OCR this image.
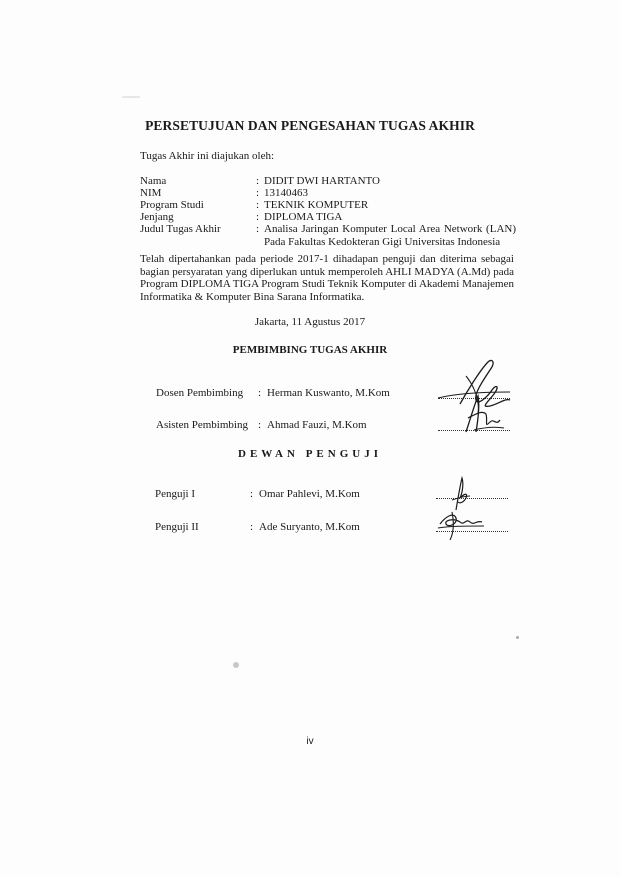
PERSETUJUAN DAN PENGESAHAN TUGAS AKHIR
Tugas Akhir ini diajukan oleh:
Nama	: DIDIT DWI HARTANTO
NIM	: 13140463
Program Studi	: TEKNIK KOMPUTER
Jenjang	: DIPLOMA TIGA
Judul Tugas Akhir	: Analisa Jaringan Komputer Local Area Network (LAN) Pada Fakultas Kedokteran Gigi Universitas Indonesia
Telah dipertahankan pada periode 2017-1 dihadapan penguji dan diterima sebagai bagian persyaratan yang diperlukan untuk memperoleh AHLI MADYA (A.Md) pada Program DIPLOMA TIGA Program Studi Teknik Komputer di Akademi Manajemen Informatika & Komputer Bina Sarana Informatika.
Jakarta, 11 Agustus 2017
PEMBIMBING TUGAS AKHIR
Dosen Pembimbing : Herman Kuswanto, M.Kom
Asisten Pembimbing : Ahmad Fauzi, M.Kom
DEWAN PENGUJI
Penguji I	: Omar Pahlevi, M.Kom
Penguji II	: Ade Suryanto, M.Kom
iv
